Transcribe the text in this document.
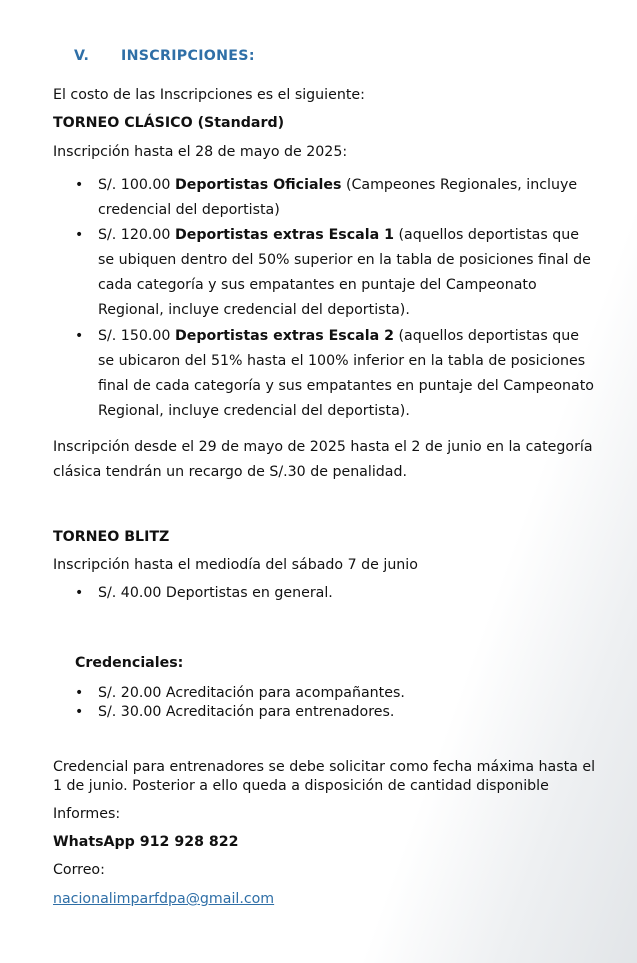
V. INSCRIPCIONES:
El costo de las Inscripciones es el siguiente:
TORNEO CLÁSICO (Standard)
Inscripción hasta el 28 de mayo de 2025:
• S/. 100.00 Deportistas Oficiales (Campeones Regionales, incluye
credencial del deportista)
• S/. 120.00 Deportistas extras Escala 1 (aquellos deportistas que
se ubiquen dentro del 50% superior en la tabla de posiciones final de
cada categoría y sus empatantes en puntaje del Campeonato
Regional, incluye credencial del deportista).
• S/. 150.00 Deportistas extras Escala 2 (aquellos deportistas que
se ubicaron del 51% hasta el 100% inferior en la tabla de posiciones
final de cada categoría y sus empatantes en puntaje del Campeonato
Regional, incluye credencial del deportista).
Inscripción desde el 29 de mayo de 2025 hasta el 2 de junio en la categoría
clásica tendrán un recargo de S/.30 de penalidad.
TORNEO BLITZ
Inscripción hasta el mediodía del sábado 7 de junio
• S/. 40.00 Deportistas en general.
Credenciales:
• S/. 20.00 Acreditación para acompañantes.
• S/. 30.00 Acreditación para entrenadores.
Credencial para entrenadores se debe solicitar como fecha máxima hasta el
1 de junio. Posterior a ello queda a disposición de cantidad disponible
Informes:
WhatsApp 912 928 822
Correo:
nacionalimparfdpa@gmail.com
